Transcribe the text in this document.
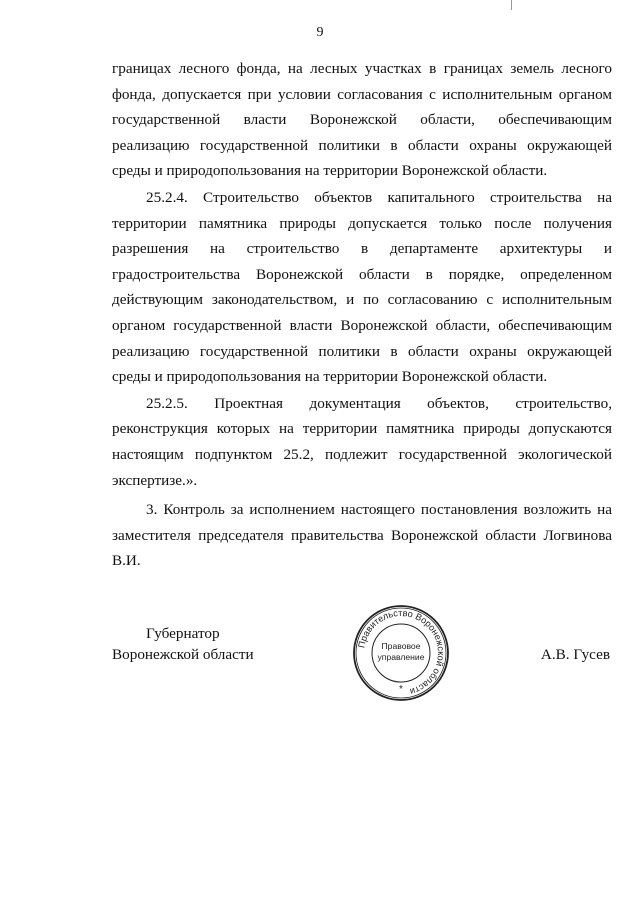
9

границах лесного фонда, на лесных участках в границах земель лесного фонда, допускается при условии согласования с исполнительным органом государственной власти Воронежской области, обеспечивающим реализацию государственной политики в области охраны окружающей среды и природопользования на территории Воронежской области.

25.2.4. Строительство объектов капитального строительства на территории памятника природы допускается только после получения разрешения на строительство в департаменте архитектуры и градостроительства Воронежской области в порядке, определенном действующим законодательством, и по согласованию с исполнительным органом государственной власти Воронежской области, обеспечивающим реализацию государственной политики в области охраны окружающей среды и природопользования на территории Воронежской области.

25.2.5. Проектная документация объектов, строительство, реконструкция которых на территории памятника природы допускаются настоящим подпунктом 25.2, подлежит государственной экологической экспертизе.».

3. Контроль за исполнением настоящего постановления возложить на заместителя председателя правительства Воронежской области Логвинова В.И.

Губернатор
Воронежской области
Правительство Воронежской области
Правовое
управление
*
А.В. Гусев
